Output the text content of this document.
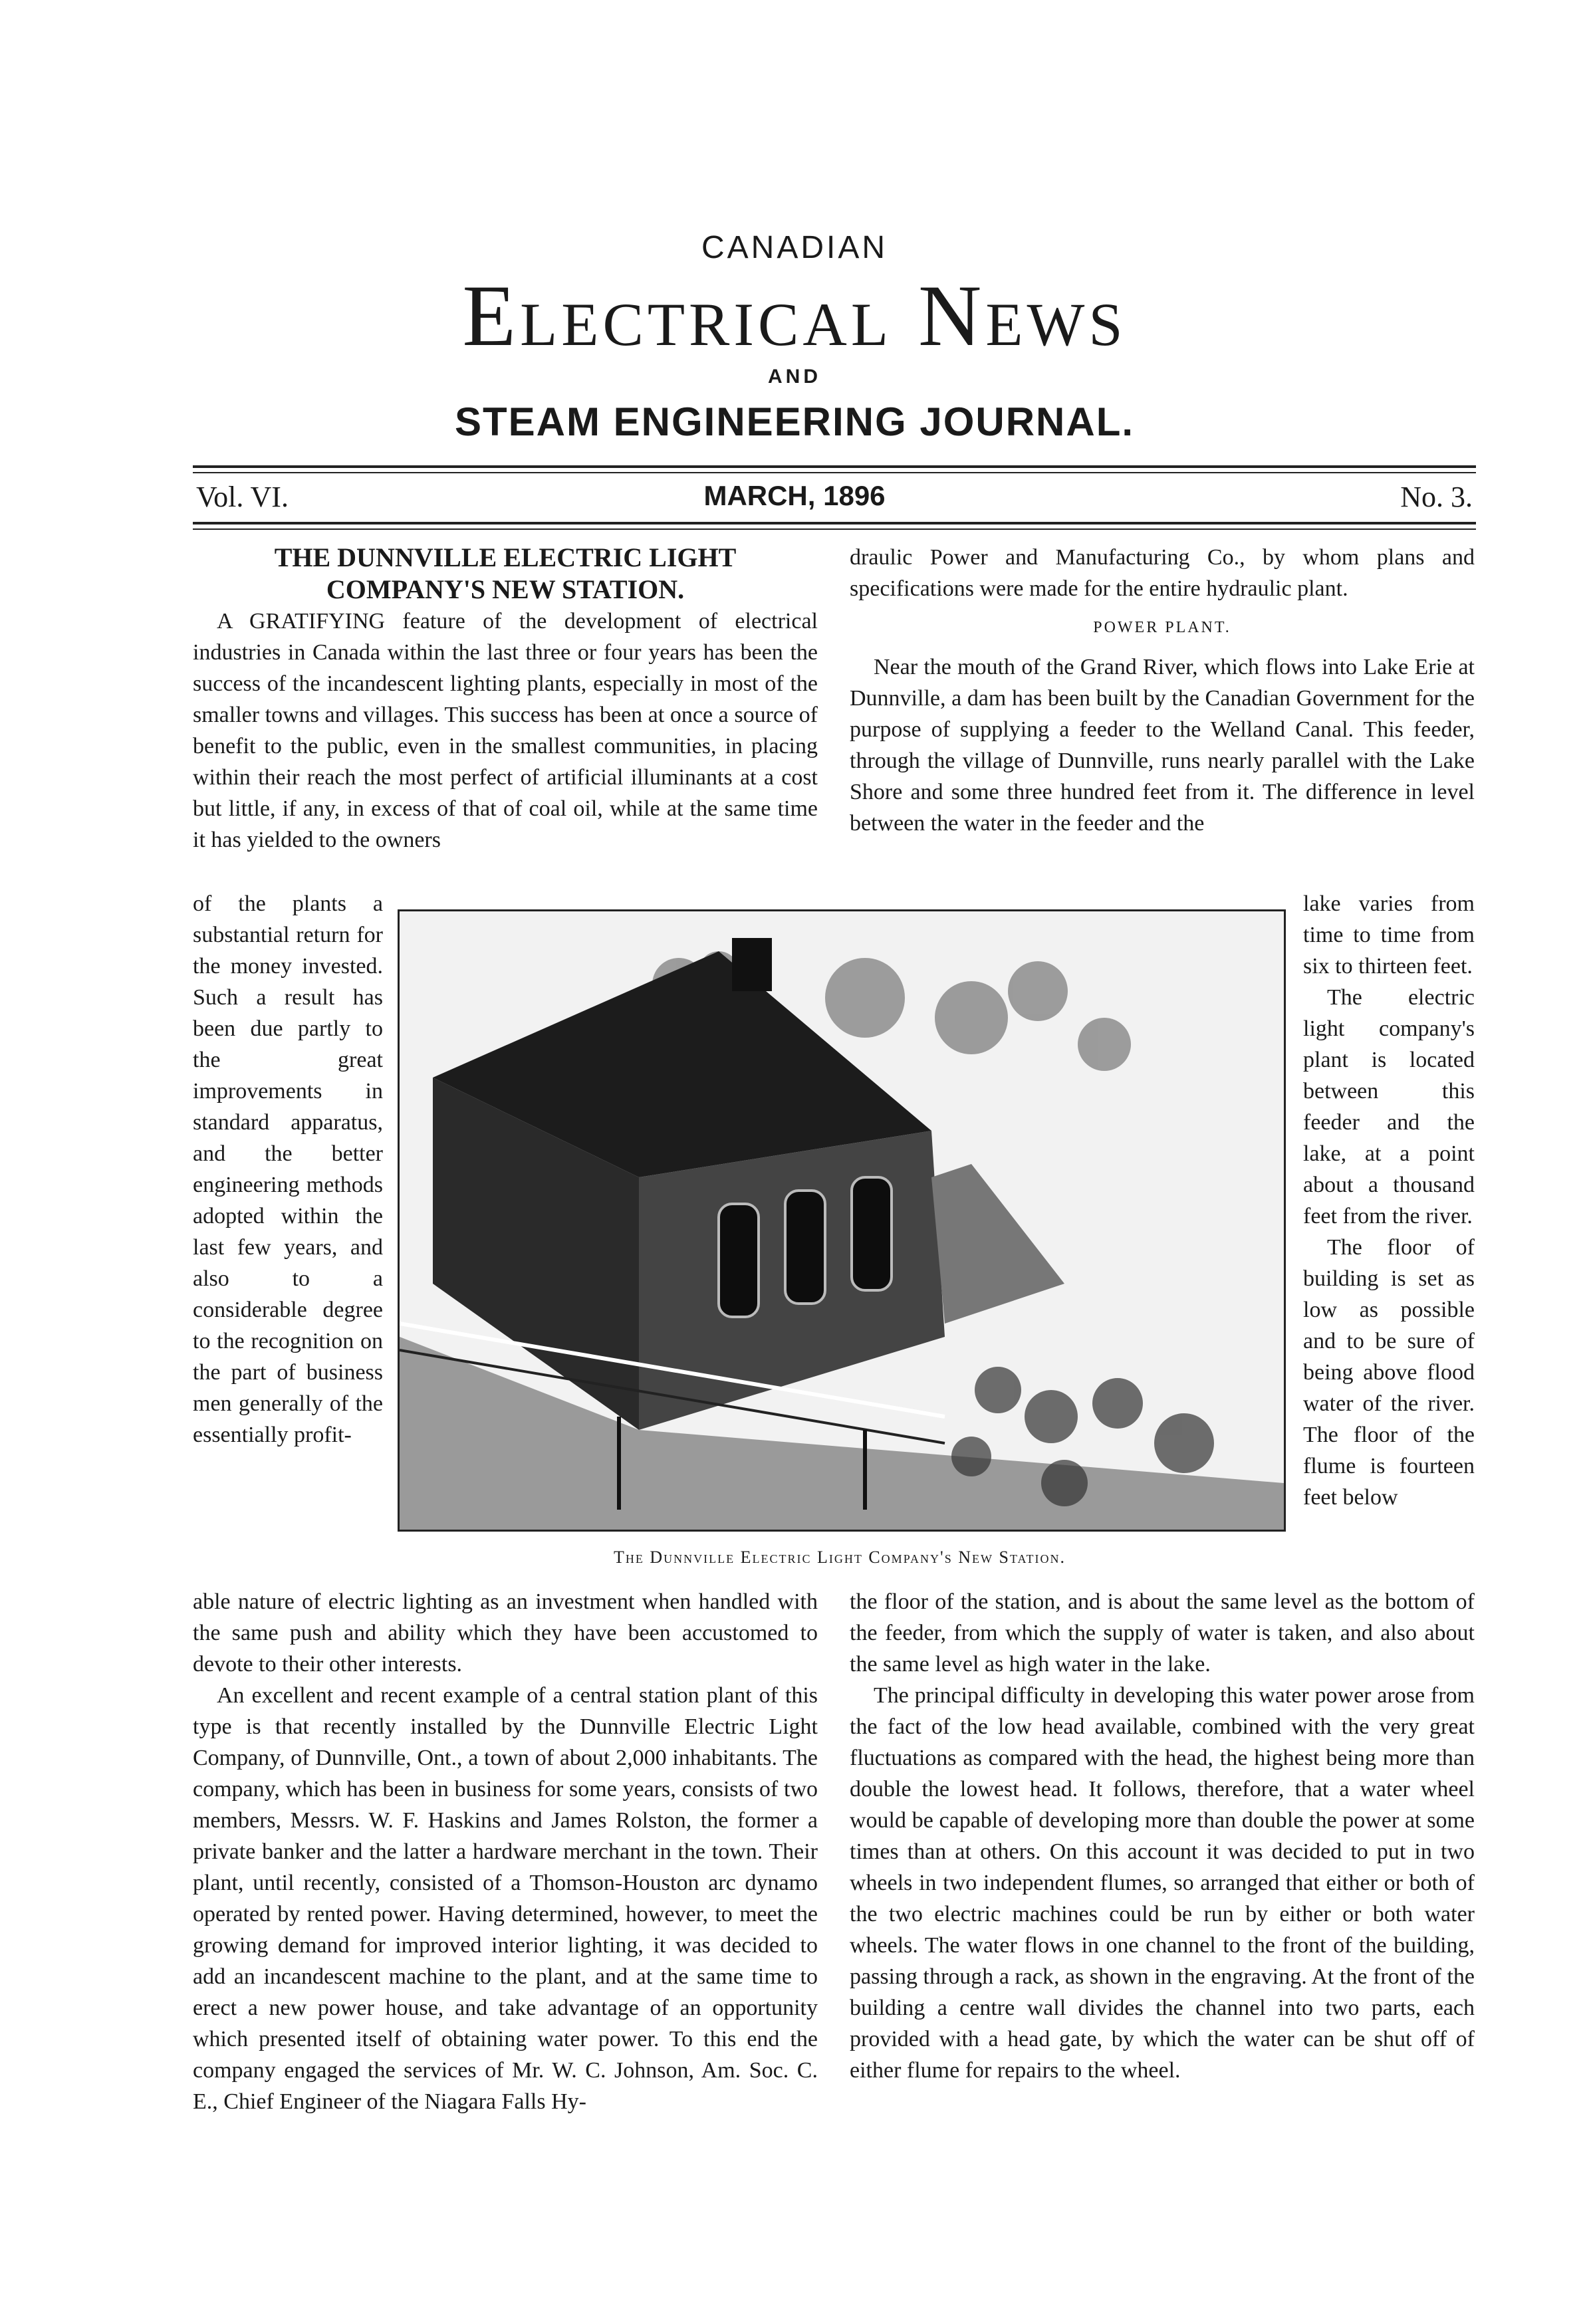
CANADIAN
Electrical News
AND
STEAM ENGINEERING JOURNAL.
Vol. VI.	MARCH, 1896	No. 3.

THE DUNNVILLE ELECTRIC LIGHT COMPANY'S NEW STATION.

A GRATIFYING feature of the development of electrical industries in Canada within the last three or four years has been the success of the incandescent lighting plants, especially in most of the smaller towns and villages. This success has been at once a source of benefit to the public, even in the smallest communities, in placing within their reach the most perfect of artificial illuminants at a cost but little, if any, in excess of that of coal oil, while at the same time it has yielded to the owners

of the plants a substantial return for the money invested. Such a result has been due partly to the great improvements in standard apparatus, and the better engineering methods adopted within the last few years, and also to a considerable degree to the recognition on the part of business men generally of the essentially profit-

able nature of electric lighting as an investment when handled with the same push and ability which they have been accustomed to devote to their other interests.

An excellent and recent example of a central station plant of this type is that recently installed by the Dunnville Electric Light Company, of Dunnville, Ont., a town of about 2,000 inhabitants. The company, which has been in business for some years, consists of two members, Messrs. W. F. Haskins and James Rolston, the former a private banker and the latter a hardware merchant in the town. Their plant, until recently, consisted of a Thomson-Houston arc dynamo operated by rented power. Having determined, however, to meet the growing demand for improved interior lighting, it was decided to add an incandescent machine to the plant, and at the same time to erect a new power house, and take advantage of an opportunity which presented itself of obtaining water power. To this end the company engaged the services of Mr. W. C. Johnson, Am. Soc. C. E., Chief Engineer of the Niagara Falls Hy-

draulic Power and Manufacturing Co., by whom plans and specifications were made for the entire hydraulic plant.

POWER PLANT.

Near the mouth of the Grand River, which flows into Lake Erie at Dunnville, a dam has been built by the Canadian Government for the purpose of supplying a feeder to the Welland Canal. This feeder, through the village of Dunnville, runs nearly parallel with the Lake Shore and some three hundred feet from it. The difference in level between the water in the feeder and the

lake varies from time to time from six to thirteen feet.

The electric light company's plant is located between this feeder and the lake, at a point about a thousand feet from the river.

The floor of building is set as low as possible and to be sure of being above flood water of the river. The floor of the flume is fourteen feet below

the floor of the station, and is about the same level as the bottom of the feeder, from which the supply of water is taken, and also about the same level as high water in the lake.

The principal difficulty in developing this water power arose from the fact of the low head available, combined with the very great fluctuations as compared with the head, the highest being more than double the lowest head. It follows, therefore, that a water wheel would be capable of developing more than double the power at some times than at others. On this account it was decided to put in two wheels in two independent flumes, so arranged that either or both of the two electric machines could be run by either or both water wheels. The water flows in one channel to the front of the building, passing through a rack, as shown in the engraving. At the front of the building a centre wall divides the channel into two parts, each provided with a head gate, by which the water can be shut off of either flume for repairs to the wheel.

The Dunnville Electric Light Company's New Station.
